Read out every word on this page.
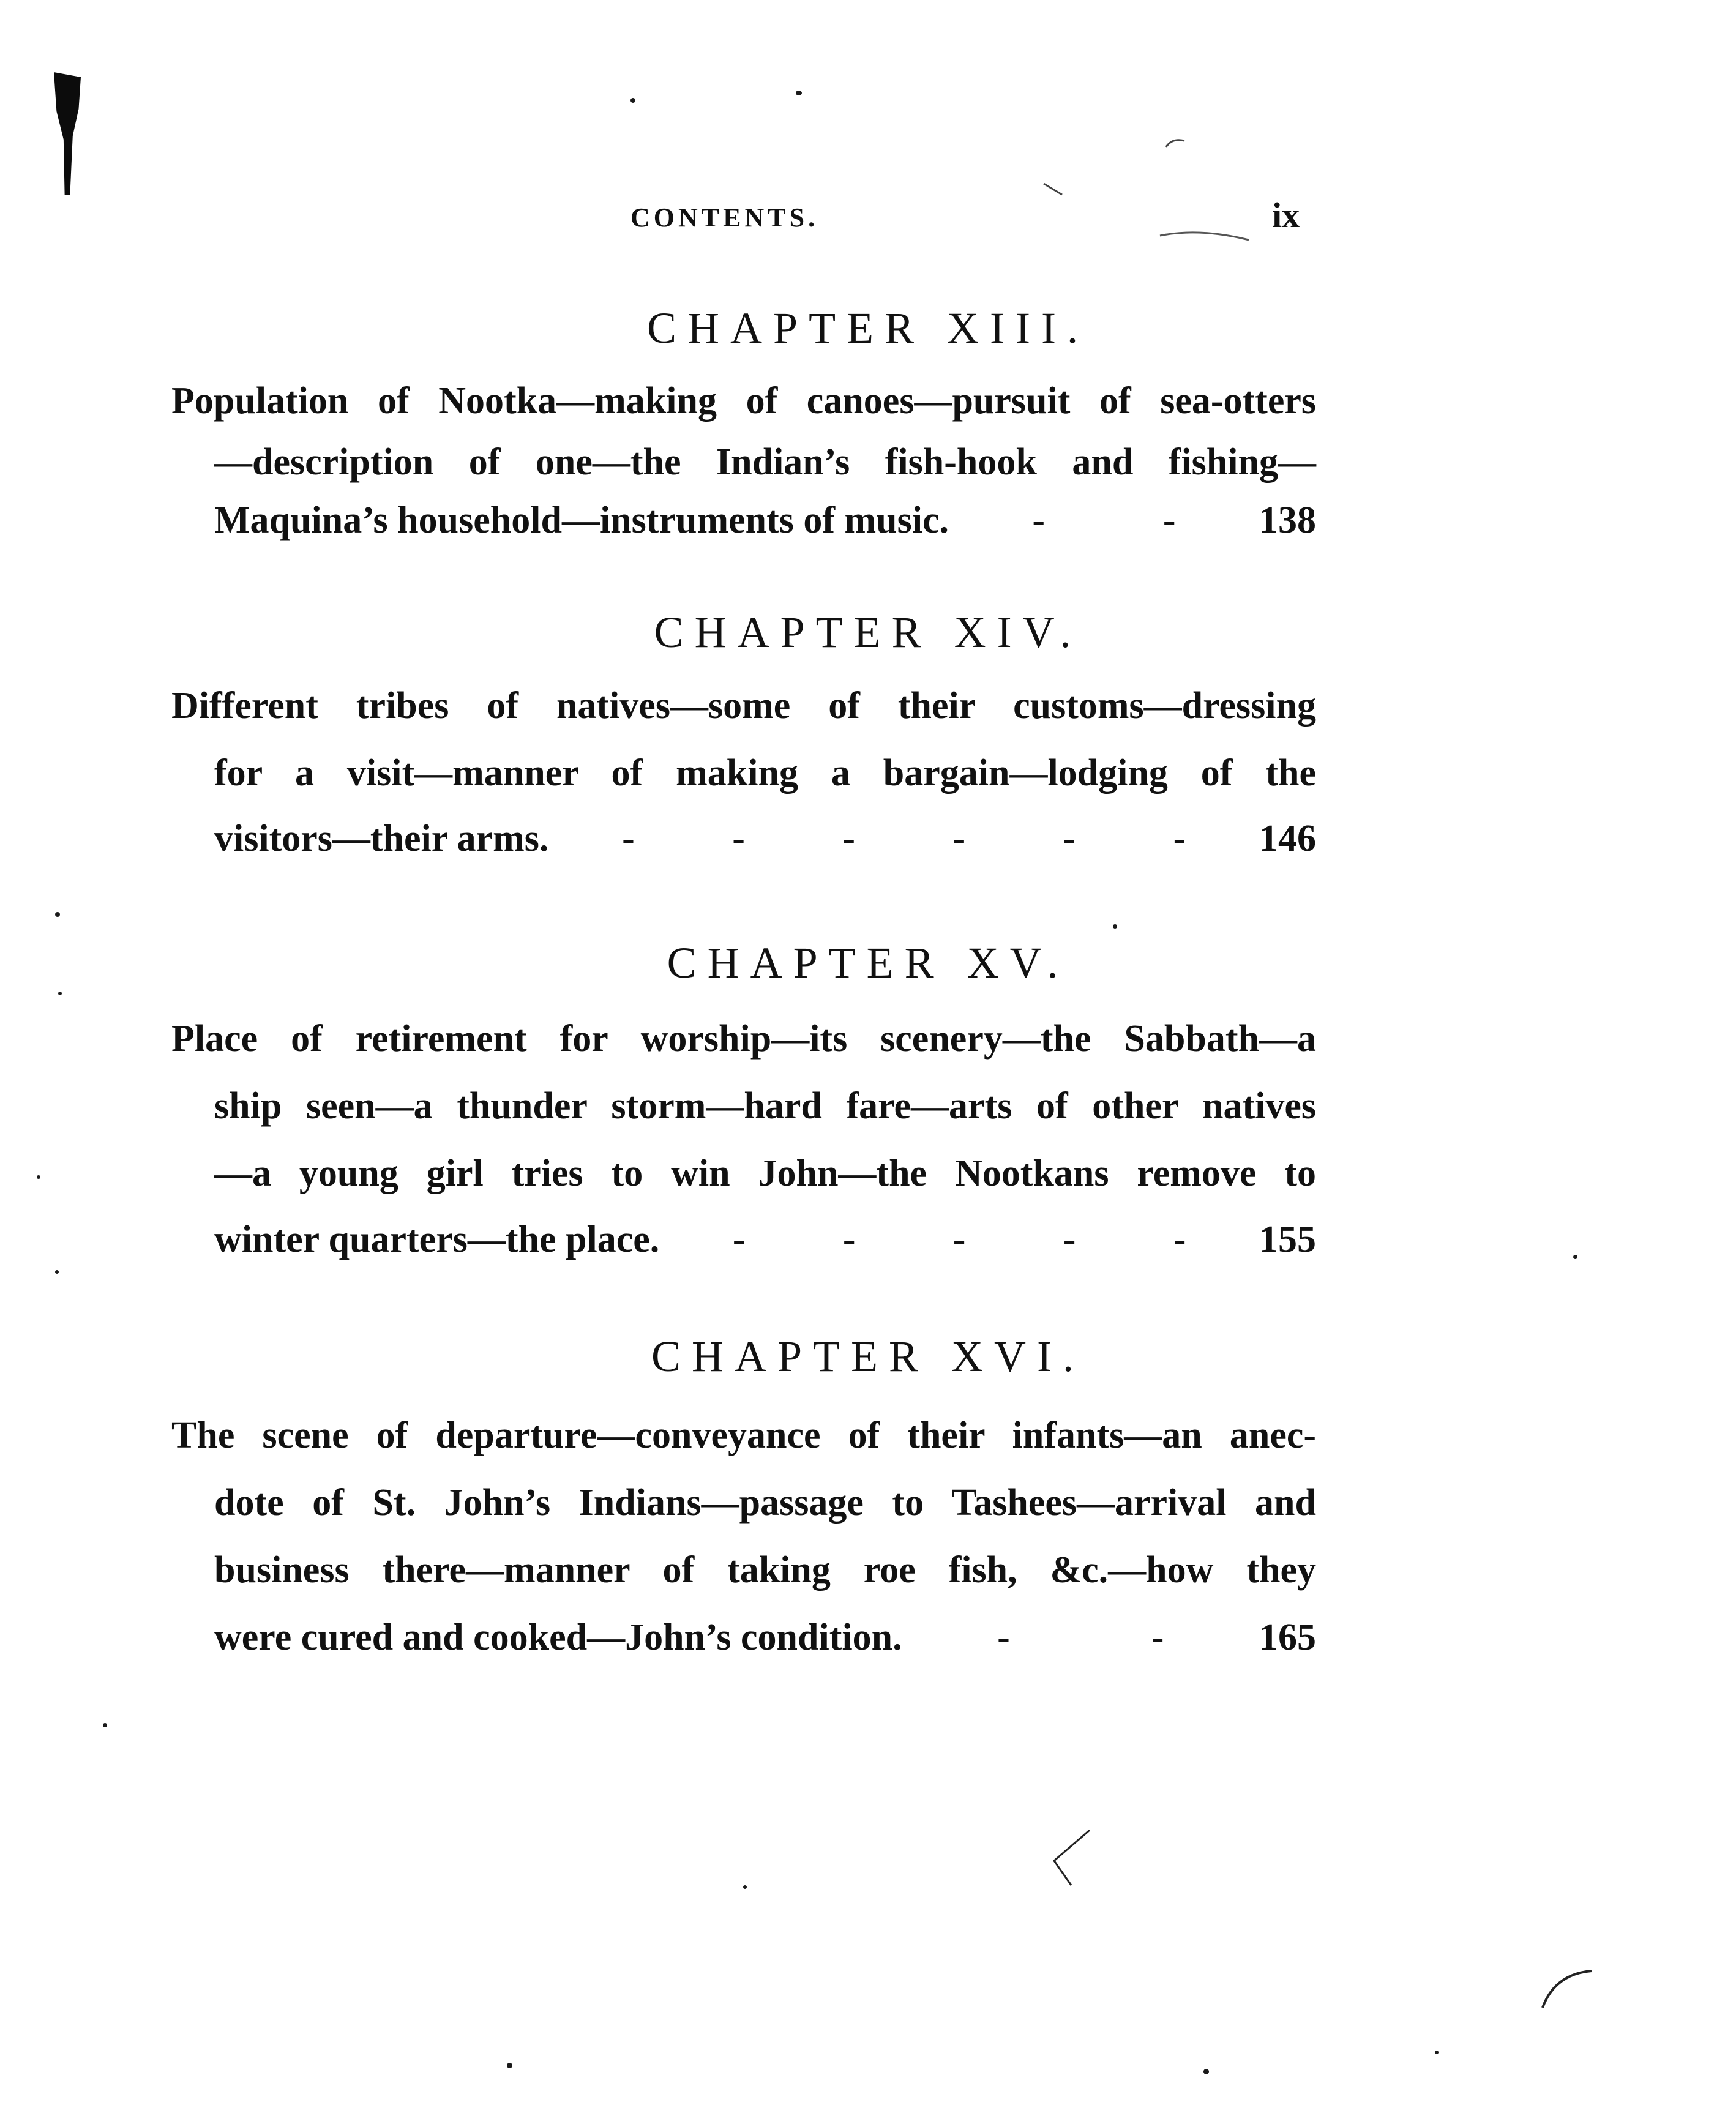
CONTENTS.	ix
CHAPTER XIII.
Population of Nootka—making of canoes—pursuit of sea-otters
—description of one—the Indian’s fish-hook and fishing—
Maquina’s household—instruments of music. -	- 138
CHAPTER XIV.
Different tribes of natives—some of their customs—dressing
for a visit—manner of making a bargain—lodging of the
visitors—their arms. -	-	-	-	-	- 146
CHAPTER XV.
Place of retirement for worship—its scenery—the Sabbath—a
ship seen—a thunder storm—hard fare—arts of other natives
—a young girl tries to win John—the Nootkans remove to
winter quarters—the place. -	-	-	-	- 155
CHAPTER XVI.
The scene of departure—conveyance of their infants—an anec-
dote of St. John’s Indians—passage to Tashees—arrival and
business there—manner of taking roe fish, &c.—how they
were cured and cooked—John’s condition.	-	-	165
